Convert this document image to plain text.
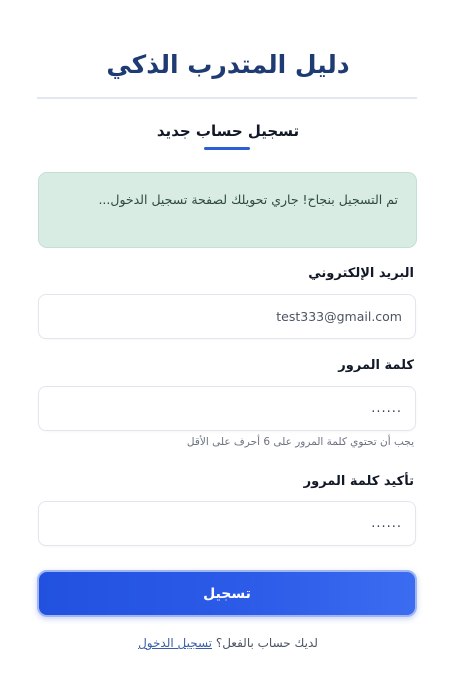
دليل المتدرب الذكي
تسجيل حساب جديد
تم التسجيل بنجاح! جاري تحويلك لصفحة تسجيل الدخول...
البريد الإلكتروني
test333@gmail.com
كلمة المرور
......
يجب أن تحتوي كلمة المرور على 6 أحرف على الأقل
تأكيد كلمة المرور
......
تسجيل
لديك حساب بالفعل؟ تسجيل الدخول
